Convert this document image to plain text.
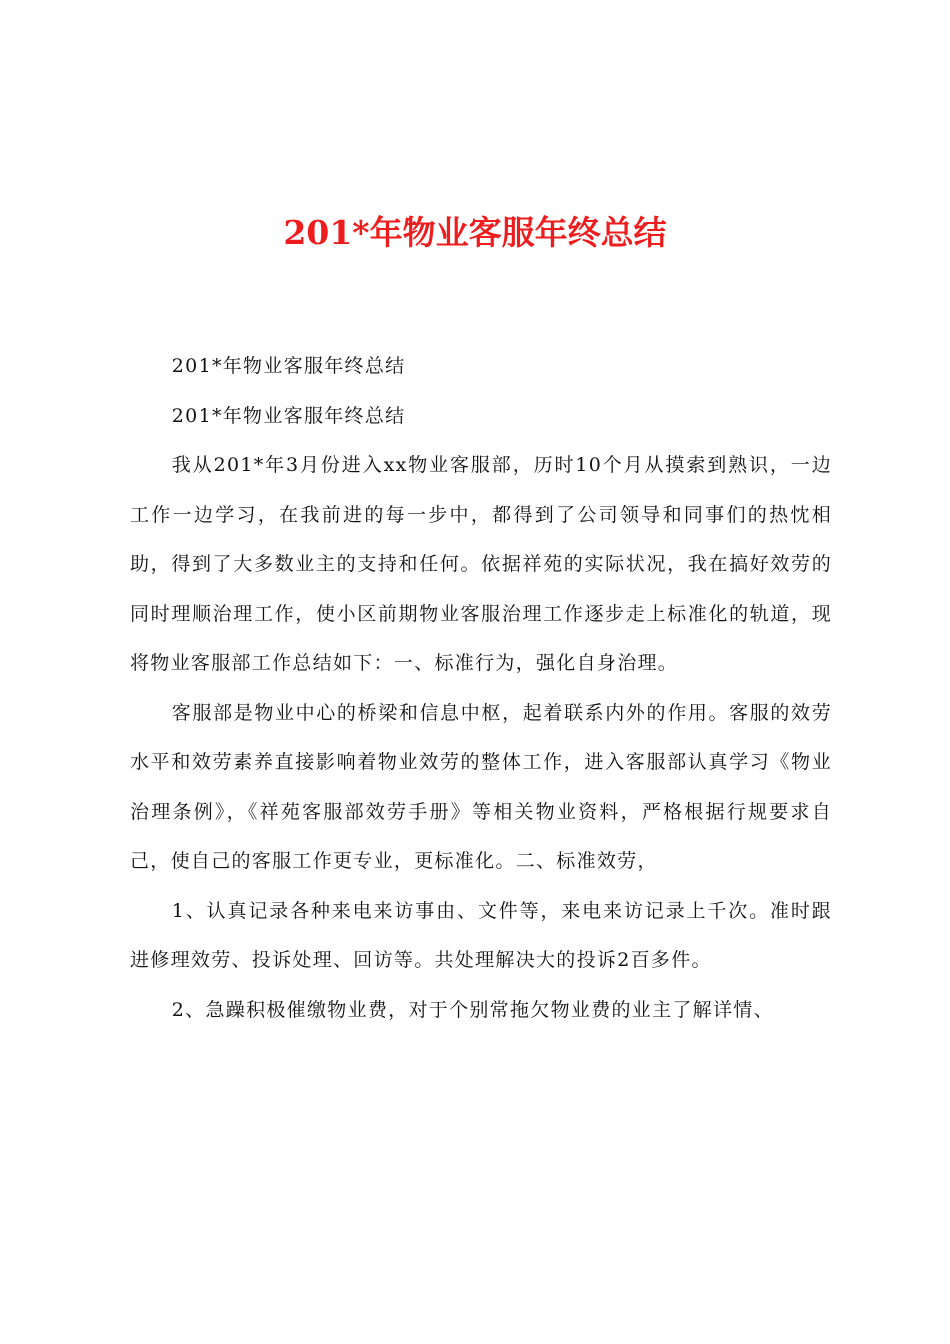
201*年物业客服年终总结

201*年物业客服年终总结

201*年物业客服年终总结

我从201*年3月份进入xx物业客服部，历时10个月从摸索到熟识，一边工作一边学习，在我前进的每一步中，都得到了公司领导和同事们的热忱相助，得到了大多数业主的支持和任何。依据祥苑的实际状况，我在搞好效劳的同时理顺治理工作，使小区前期物业客服治理工作逐步走上标准化的轨道，现将物业客服部工作总结如下：一、标准行为，强化自身治理。

客服部是物业中心的桥梁和信息中枢，起着联系内外的作用。客服的效劳水平和效劳素养直接影响着物业效劳的整体工作，进入客服部认真学习《物业治理条例》，《祥苑客服部效劳手册》等相关物业资料，严格根据行规要求自己，使自己的客服工作更专业，更标准化。二、标准效劳，

1、认真记录各种来电来访事由、文件等，来电来访记录上千次。准时跟进修理效劳、投诉处理、回访等。共处理解决大的投诉2百多件。

2、急躁积极催缴物业费，对于个别常拖欠物业费的业主了解详情、
